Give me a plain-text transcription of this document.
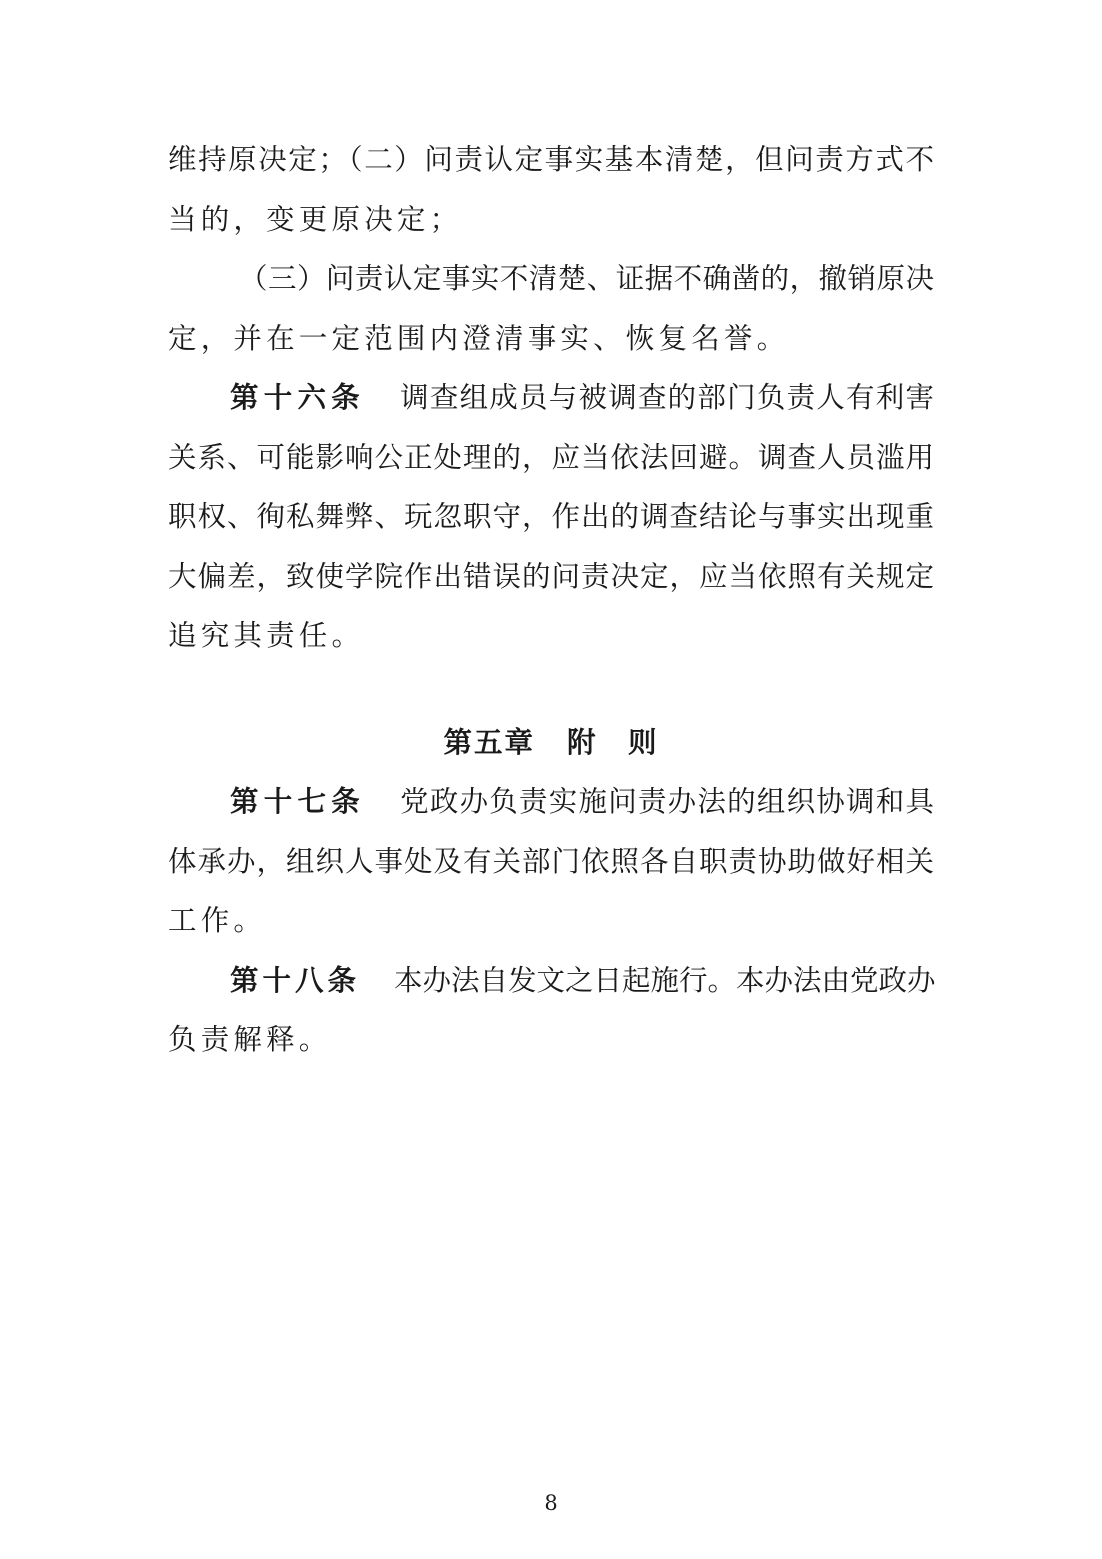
维持原决定；（二）问责认定事实基本清楚，但问责方式不
当的，变更原决定；
（三）问责认定事实不清楚、证据不确凿的，撤销原决
定，并在一定范围内澄清事实、恢复名誉。
第十六条 调查组成员与被调查的部门负责人有利害
关系、可能影响公正处理的，应当依法回避。调查人员滥用
职权、徇私舞弊、玩忽职守，作出的调查结论与事实出现重
大偏差，致使学院作出错误的问责决定，应当依照有关规定
追究其责任。
第五章 附　则
第十七条 党政办负责实施问责办法的组织协调和具
体承办，组织人事处及有关部门依照各自职责协助做好相关
工作。
第十八条 本办法自发文之日起施行。本办法由党政办
负责解释。
8
